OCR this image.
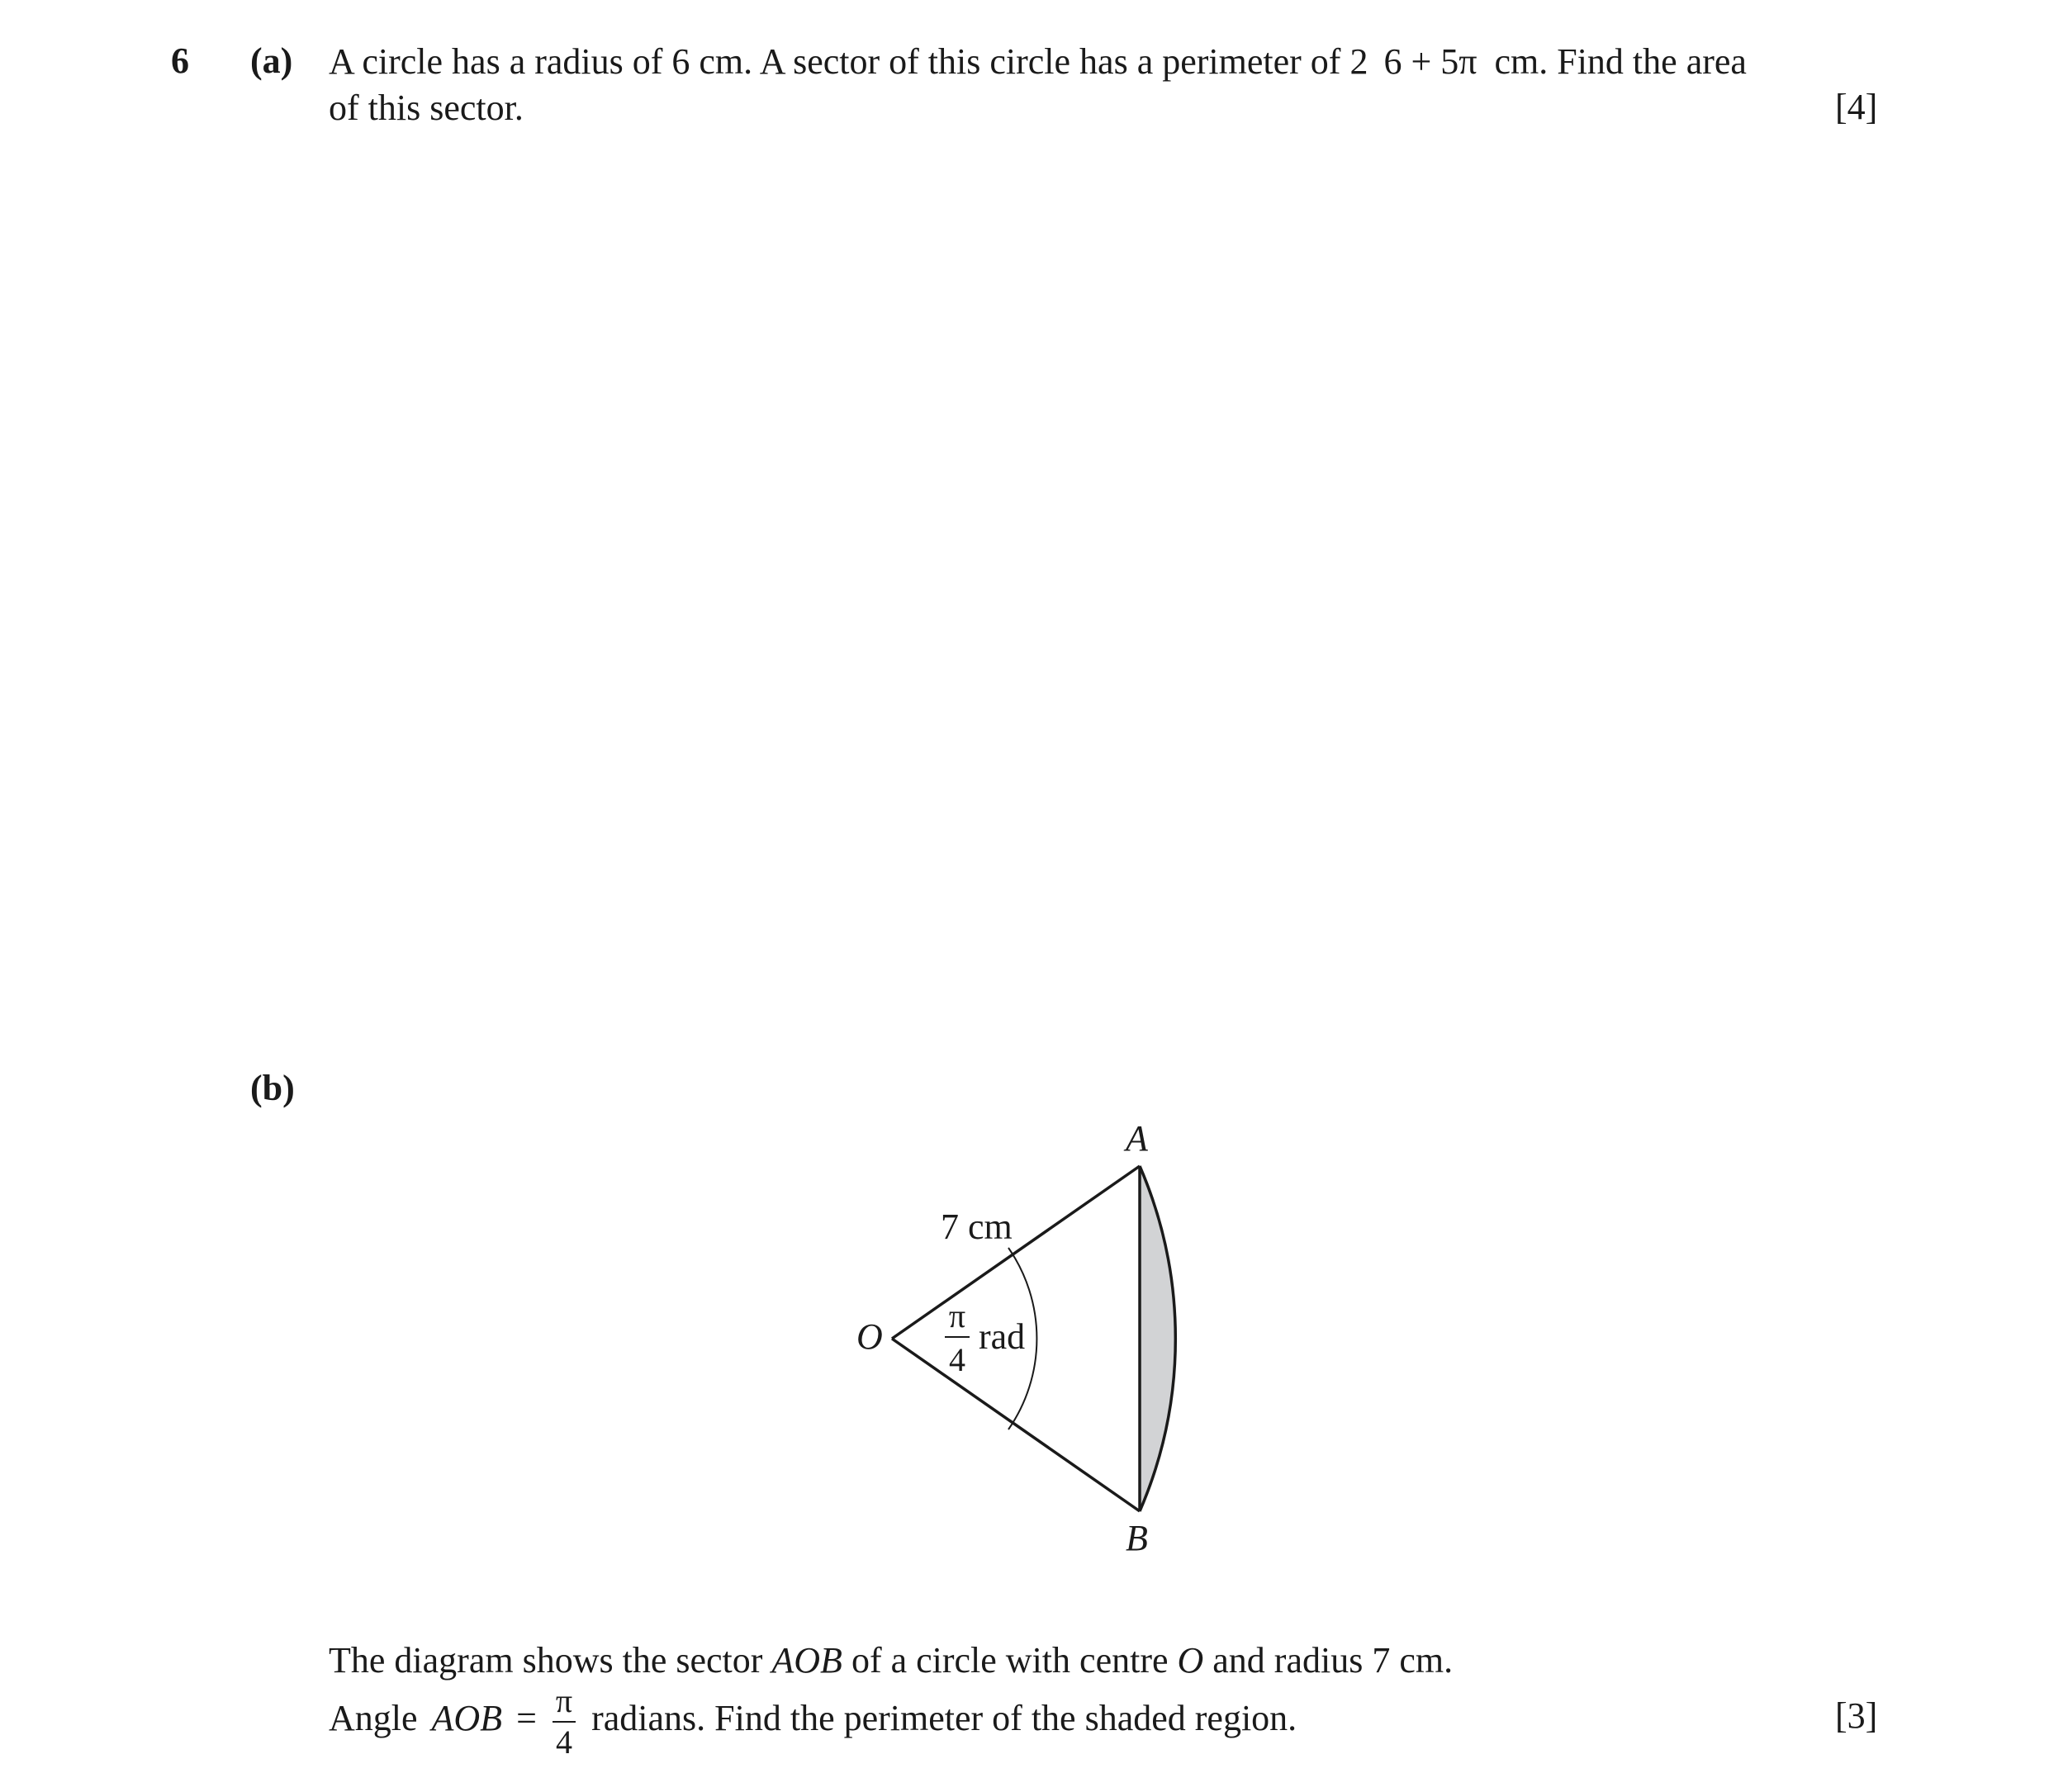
6 (a) A circle has a radius of 6 cm. A sector of this circle has a perimeter of 2 6 + 5π cm. Find the area
of this sector.	[4]
(b)
O
A
B
7 cm
π
4
rad
The diagram shows the sector AOB of a circle with centre O and radius 7 cm.
Angle AOB = $\frac{\pi}{4}$ radians. Find the perimeter of the shaded region.	[3]
